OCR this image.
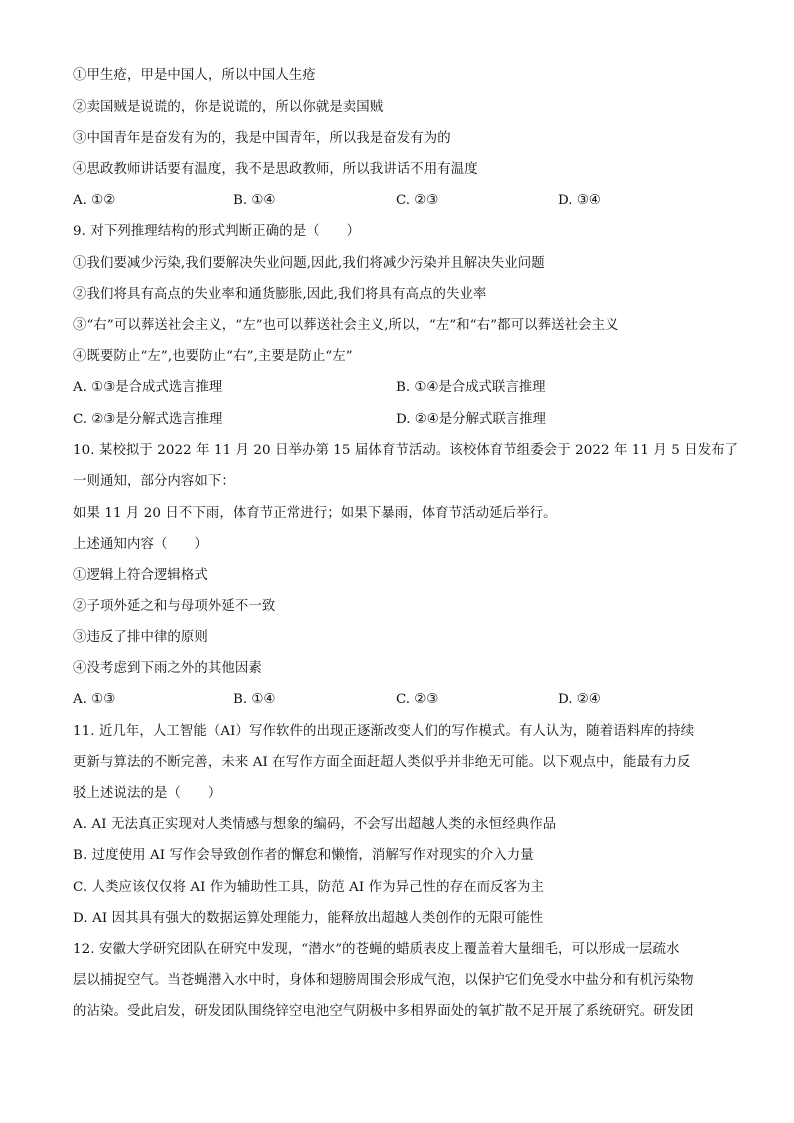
①甲生疮，甲是中国人，所以中国人生疮
②卖国贼是说谎的，你是说谎的，所以你就是卖国贼
③中国青年是奋发有为的，我是中国青年，所以我是奋发有为的
④思政教师讲话要有温度，我不是思政教师，所以我讲话不用有温度
A. ①②	B. ①④	C. ②③	D. ③④
9. 对下列推理结构的形式判断正确的是（　　）
①我们要减少污染,我们要解决失业问题,因此,我们将减少污染并且解决失业问题
②我们将具有高点的失业率和通货膨胀,因此,我们将具有高点的失业率
③“右”可以葬送社会主义，“左”也可以葬送社会主义,所以，“左”和“右”都可以葬送社会主义
④既要防止“左”,也要防止“右”,主要是防止“左”
A. ①③是合成式选言推理	B. ①④是合成式联言推理
C. ②③是分解式选言推理	D. ②④是分解式联言推理
10. 某校拟于 2022 年 11 月 20 日举办第 15 届体育节活动。该校体育节组委会于 2022 年 11 月 5 日发布了
一则通知，部分内容如下：
如果 11 月 20 日不下雨，体育节正常进行；如果下暴雨，体育节活动延后举行。
上述通知内容（　　）
①逻辑上符合逻辑格式
②子项外延之和与母项外延不一致
③违反了排中律的原则
④没考虑到下雨之外的其他因素
A. ①③	B. ①④	C. ②③	D. ②④
11. 近几年，人工智能（AI）写作软件的出现正逐渐改变人们的写作模式。有人认为，随着语料库的持续
更新与算法的不断完善，未来 AI 在写作方面全面赶超人类似乎并非绝无可能。以下观点中，能最有力反
驳上述说法的是（　　）
A. AI 无法真正实现对人类情感与想象的编码，不会写出超越人类的永恒经典作品
B. 过度使用 AI 写作会导致创作者的懈怠和懒惰，消解写作对现实的介入力量
C. 人类应该仅仅将 AI 作为辅助性工具，防范 AI 作为异己性的存在而反客为主
D. AI 因其具有强大的数据运算处理能力，能释放出超越人类创作的无限可能性
12. 安徽大学研究团队在研究中发现，“潜水”的苍蝇的蜡质表皮上覆盖着大量细毛，可以形成一层疏水
层以捕捉空气。当苍蝇潜入水中时，身体和翅膀周围会形成气泡，以保护它们免受水中盐分和有机污染物
的沾染。受此启发，研发团队围绕锌空电池空气阴极中多相界面处的氧扩散不足开展了系统研究。研发团
